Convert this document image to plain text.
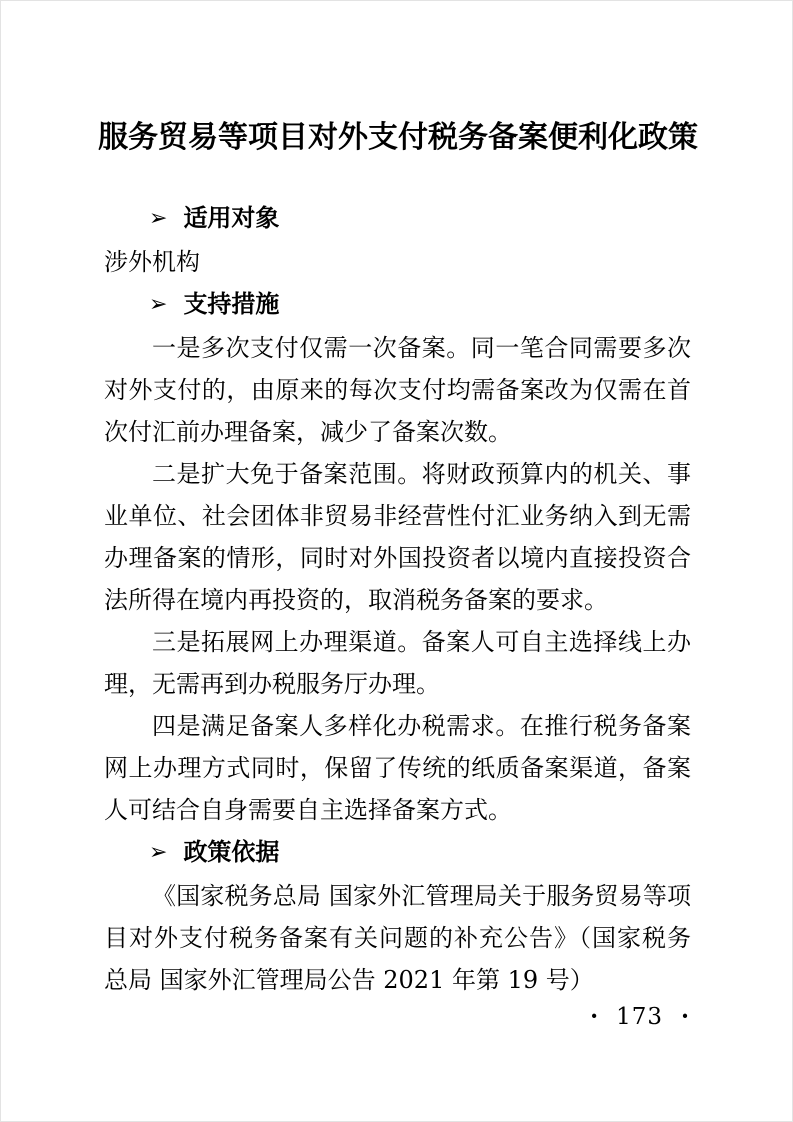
服务贸易等项目对外支付税务备案便利化政策
➢ 适用对象

涉外机构

➢ 支持措施

一是多次支付仅需一次备案。同一笔合同需要多次对外支付的，由原来的每次支付均需备案改为仅需在首次付汇前办理备案，减少了备案次数。

二是扩大免于备案范围。将财政预算内的机关、事业单位、社会团体非贸易非经营性付汇业务纳入到无需办理备案的情形，同时对外国投资者以境内直接投资合法所得在境内再投资的，取消税务备案的要求。

三是拓展网上办理渠道。备案人可自主选择线上办理，无需再到办税服务厅办理。

四是满足备案人多样化办税需求。在推行税务备案网上办理方式同时，保留了传统的纸质备案渠道，备案人可结合自身需要自主选择备案方式。

➢ 政策依据

《国家税务总局 国家外汇管理局关于服务贸易等项目对外支付税务备案有关问题的补充公告》（国家税务总局 国家外汇管理局公告 2021 年第 19 号）

· 173 ·
